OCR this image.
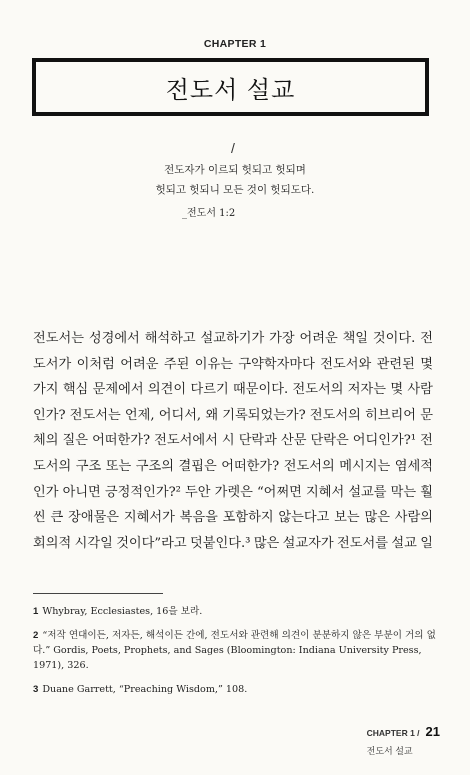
CHAPTER 1
전도서 설교
/
전도자가 이르되 헛되고 헛되며
헛되고 헛되니 모든 것이 헛되도다.
_전도서 1:2
전도서는 성경에서 해석하고 설교하기가 가장 어려운 책일 것이다. 전
도서가 이처럼 어려운 주된 이유는 구약학자마다 전도서와 관련된 몇
가지 핵심 문제에서 의견이 다르기 때문이다. 전도서의 저자는 몇 사람
인가? 전도서는 언제, 어디서, 왜 기록되었는가? 전도서의 히브리어 문
체의 질은 어떠한가? 전도서에서 시 단락과 산문 단락은 어디인가?¹ 전
도서의 구조 또는 구조의 결핍은 어떠한가? 전도서의 메시지는 염세적
인가 아니면 긍정적인가?² 두안 가렛은 “어쩌면 지혜서 설교를 막는 훨
씬 큰 장애물은 지혜서가 복음을 포함하지 않는다고 보는 많은 사람의
회의적 시각일 것이다”라고 덧붙인다.³ 많은 설교자가 전도서를 설교 일
1 Whybray, Ecclesiastes, 16을 보라.
2 “저작 연대이든, 저자든, 해석이든 간에, 전도서와 관련해 의견이 분분하지 않은 부분이 거의 없다.” Gordis, Poets, Prophets, and Sages (Bloomington: Indiana University Press, 1971), 326.
3 Duane Garrett, “Preaching Wisdom,” 108.
CHAPTER 1 / 21
전도서 설교
